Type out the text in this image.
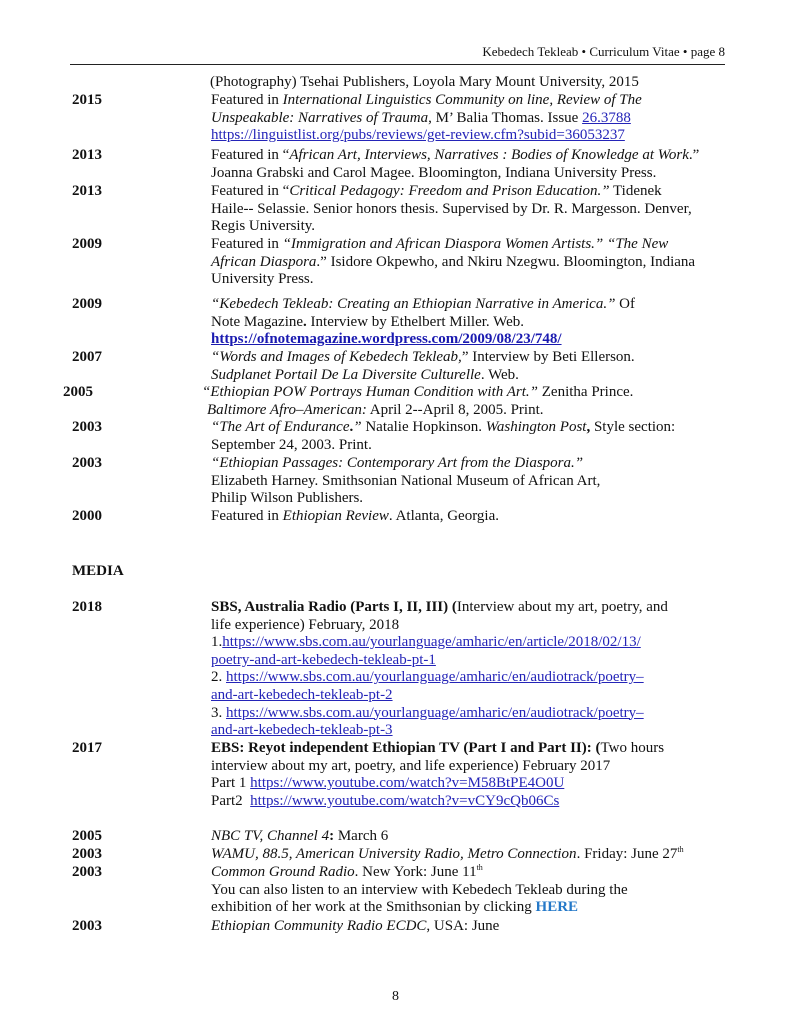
Kebedech Tekleab • Curriculum Vitae • page 8
(Photography) Tsehai Publishers, Loyola Mary Mount University, 2015
2015	Featured in International Linguistics Community on line, Review of The
Unspeakable: Narratives of Trauma, M’ Balia Thomas. Issue 26.3788
https://linguistlist.org/pubs/reviews/get-review.cfm?subid=36053237
2013	Featured in “African Art, Interviews, Narratives : Bodies of Knowledge at Work.”
Joanna Grabski and Carol Magee. Bloomington, Indiana University Press.
2013	Featured in “Critical Pedagogy: Freedom and Prison Education.” Tidenek
Haile-- Selassie. Senior honors thesis. Supervised by Dr. R. Margesson. Denver,
Regis University.
2009	Featured in “Immigration and African Diaspora Women Artists.” “The New
African Diaspora.” Isidore Okpewho, and Nkiru Nzegwu. Bloomington, Indiana
University Press.
2009	“Kebedech Tekleab: Creating an Ethiopian Narrative in America.” Of
Note Magazine. Interview by Ethelbert Miller. Web.
https://ofnotemagazine.wordpress.com/2009/08/23/748/
2007	“Words and Images of Kebedech Tekleab,” Interview by Beti Ellerson.
Sudplanet Portail De La Diversite Culturelle. Web.
2005	“Ethiopian POW Portrays Human Condition with Art.” Zenitha Prince.
Baltimore Afro–American: April 2--April 8, 2005. Print.
2003	“The Art of Endurance.” Natalie Hopkinson. Washington Post, Style section:
September 24, 2003. Print.
2003	“Ethiopian Passages: Contemporary Art from the Diaspora.”
Elizabeth Harney. Smithsonian National Museum of African Art,
Philip Wilson Publishers.
2000	Featured in Ethiopian Review. Atlanta, Georgia.
MEDIA
2018	SBS, Australia Radio (Parts I, II, III) (Interview about my art, poetry, and
life experience) February, 2018
1.https://www.sbs.com.au/yourlanguage/amharic/en/article/2018/02/13/
poetry-and-art-kebedech-tekleab-pt-1
2. https://www.sbs.com.au/yourlanguage/amharic/en/audiotrack/poetry–
and-art-kebedech-tekleab-pt-2
3. https://www.sbs.com.au/yourlanguage/amharic/en/audiotrack/poetry–
and-art-kebedech-tekleab-pt-3
2017	EBS: Reyot independent Ethiopian TV (Part I and Part II): (Two hours
interview about my art, poetry, and life experience) February 2017
Part 1 https://www.youtube.com/watch?v=M58BtPE4O0U
Part2  https://www.youtube.com/watch?v=vCY9cQb06Cs
2005	NBC TV, Channel 4: March 6
2003	WAMU, 88.5, American University Radio, Metro Connection. Friday: June 27th
2003	Common Ground Radio. New York: June 11th
You can also listen to an interview with Kebedech Tekleab during the
exhibition of her work at the Smithsonian by clicking HERE
2003	Ethiopian Community Radio ECDC, USA: June
8
